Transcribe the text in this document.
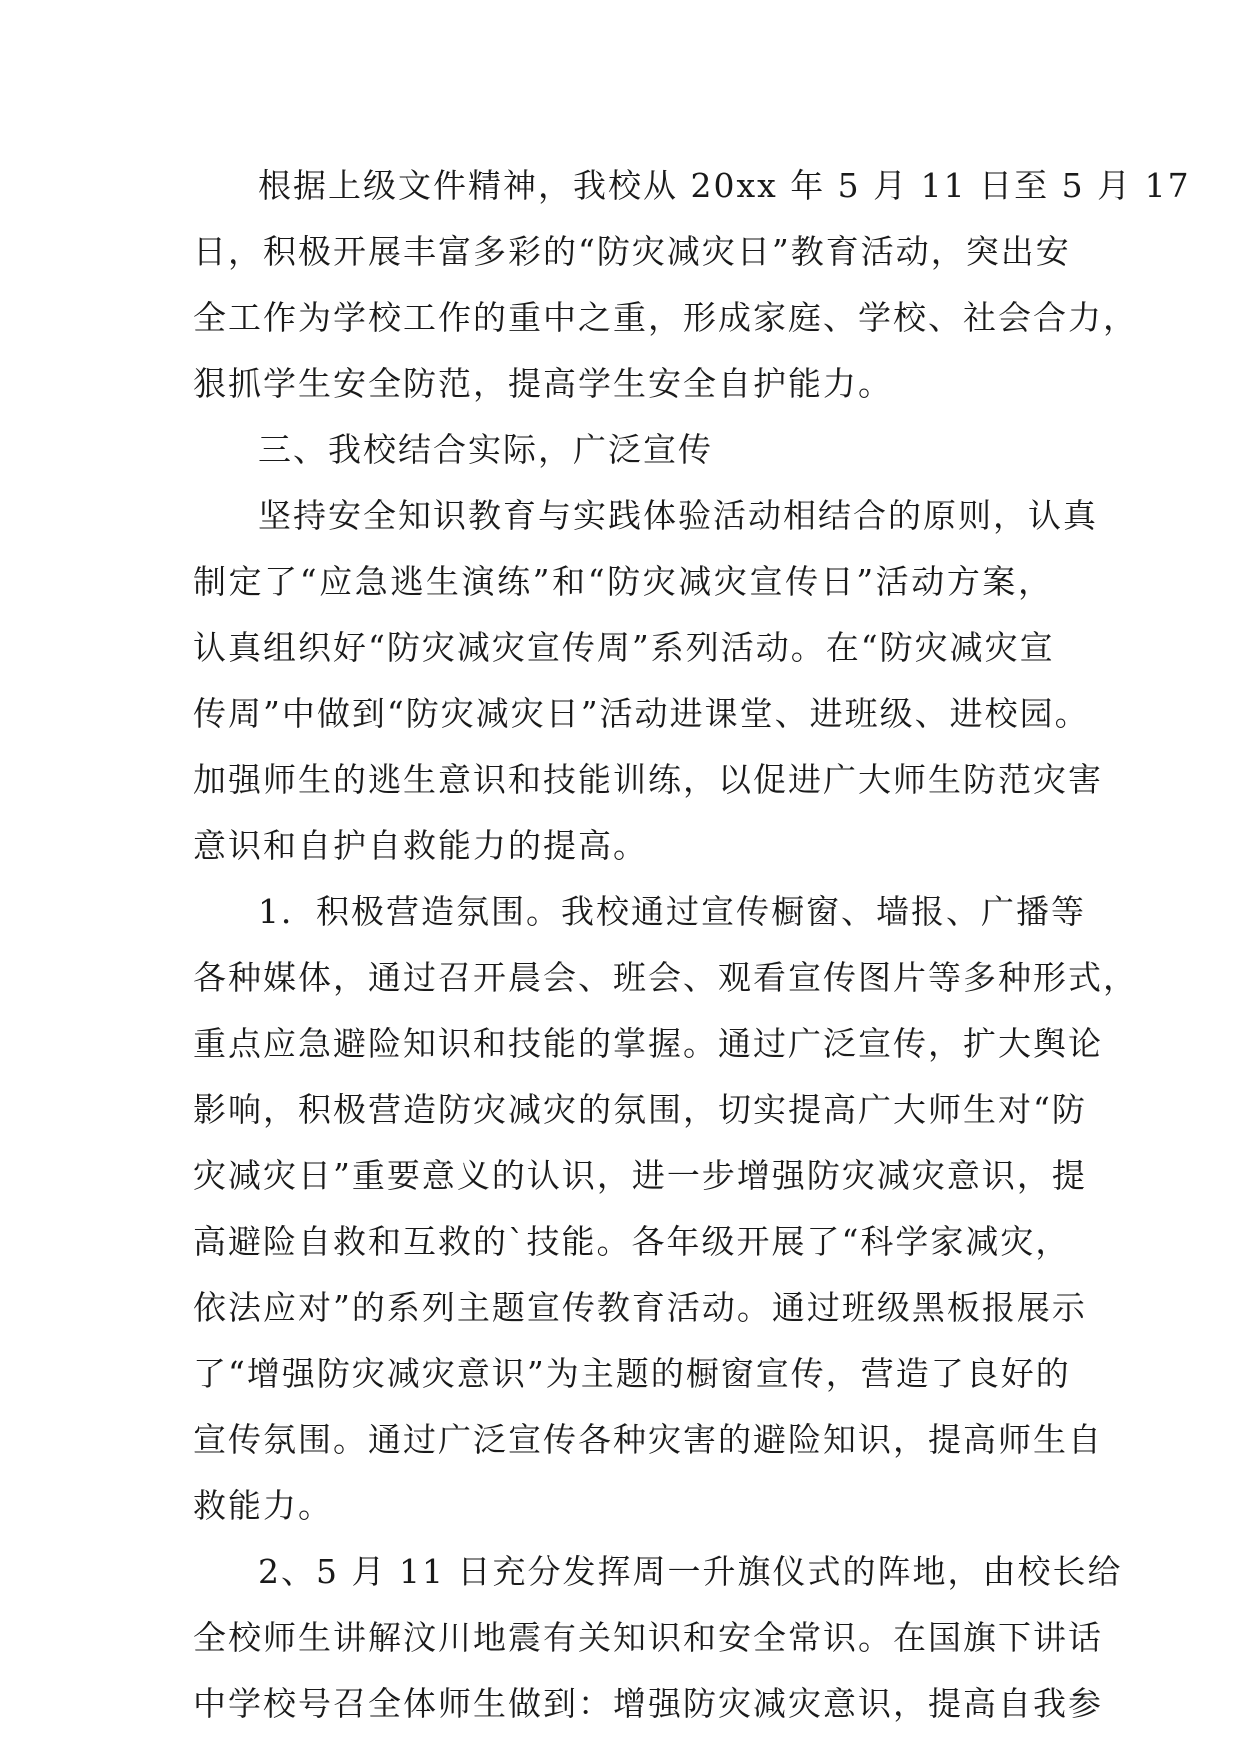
根据上级文件精神，我校从 20xx 年 5 月 11 日至 5 月 17
日，积极开展丰富多彩的“防灾减灾日”教育活动，突出安
全工作为学校工作的重中之重，形成家庭、学校、社会合力，
狠抓学生安全防范，提高学生安全自护能力。
三、我校结合实际，广泛宣传
坚持安全知识教育与实践体验活动相结合的原则，认真
制定了“应急逃生演练”和“防灾减灾宣传日”活动方案，
认真组织好“防灾减灾宣传周”系列活动。在“防灾减灾宣
传周”中做到“防灾减灾日”活动进课堂、进班级、进校园。
加强师生的逃生意识和技能训练，以促进广大师生防范灾害
意识和自护自救能力的提高。
1．积极营造氛围。我校通过宣传橱窗、墙报、广播等
各种媒体，通过召开晨会、班会、观看宣传图片等多种形式，
重点应急避险知识和技能的掌握。通过广泛宣传，扩大舆论
影响，积极营造防灾减灾的氛围，切实提高广大师生对“防
灾减灾日”重要意义的认识，进一步增强防灾减灾意识，提
高避险自救和互救的`技能。各年级开展了“科学家减灾，
依法应对”的系列主题宣传教育活动。通过班级黑板报展示
了“增强防灾减灾意识”为主题的橱窗宣传，营造了良好的
宣传氛围。通过广泛宣传各种灾害的避险知识，提高师生自
救能力。
2、5 月 11 日充分发挥周一升旗仪式的阵地，由校长给
全校师生讲解汶川地震有关知识和安全常识。在国旗下讲话
中学校号召全体师生做到：增强防灾减灾意识，提高自我参
